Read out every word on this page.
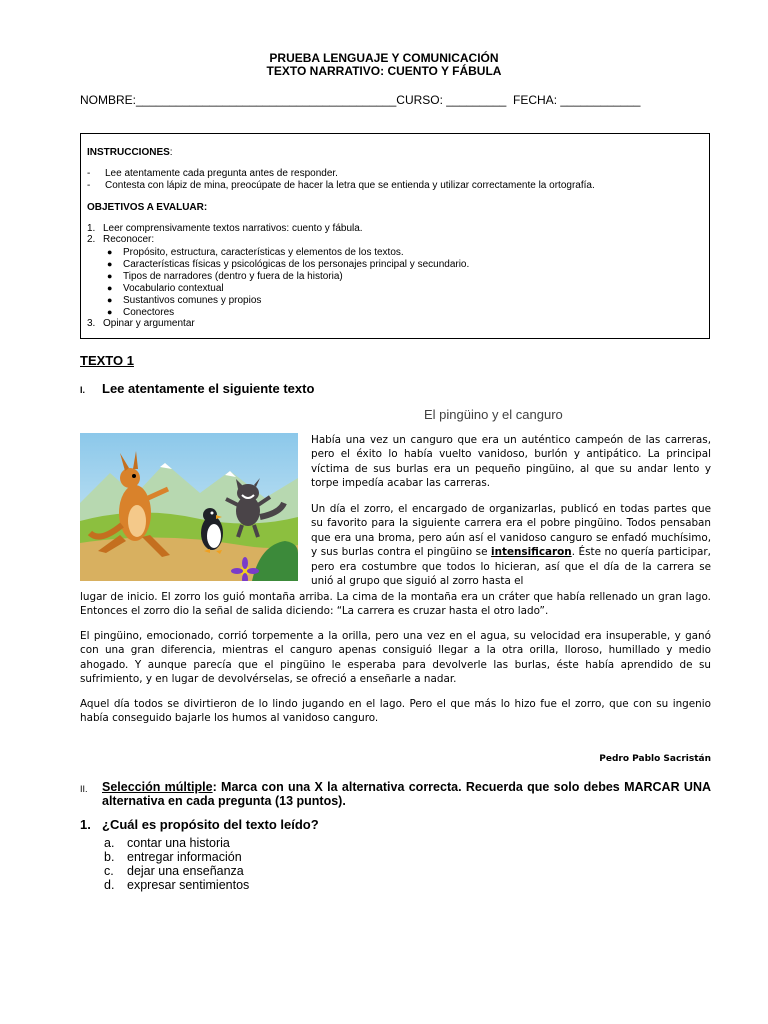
PRUEBA LENGUAJE Y COMUNICACIÓN
TEXTO NARRATIVO: CUENTO Y FÁBULA
NOMBRE:_______________________________________CURSO: _________  FECHA: ____________
INSTRUCCIONES:
- Lee atentamente cada pregunta antes de responder.
- Contesta con lápiz de mina, preocúpate de hacer la letra que se entienda y utilizar correctamente la ortografía.
OBJETIVOS A EVALUAR:
1. Leer comprensivamente textos narrativos: cuento y fábula.
2. Reconocer:
● Propósito, estructura, características y elementos de los textos.
● Características físicas y psicológicas de los personajes principal y secundario.
● Tipos de narradores (dentro y fuera de la historia)
● Vocabulario contextual
● Sustantivos comunes y propios
● Conectores
3. Opinar y argumentar
TEXTO 1
I. Lee atentamente el siguiente texto
El pingüino y el canguro

Había una vez un canguro que era un auténtico campeón de las carreras, pero el éxito lo había vuelto vanidoso, burlón y antipático. La principal víctima de sus burlas era un pequeño pingüino, al que su andar lento y torpe impedía acabar las carreras.

Un día el zorro, el encargado de organizarlas, publicó en todas partes que su favorito para la siguiente carrera era el pobre pingüino. Todos pensaban que era una broma, pero aún así el vanidoso canguro se enfadó muchísimo, y sus burlas contra el pingüino se intensificaron. Éste no quería participar, pero era costumbre que todos lo hicieran, así que el día de la carrera se unió al grupo que siguió al zorro hasta el

lugar de inicio. El zorro los guió montaña arriba. La cima de la montaña era un cráter que había rellenado un gran lago. Entonces el zorro dio la señal de salida diciendo: “La carrera es cruzar hasta el otro lado”.

El pingüino, emocionado, corrió torpemente a la orilla, pero una vez en el agua, su velocidad era insuperable, y ganó con una gran diferencia, mientras el canguro apenas consiguió llegar a la otra orilla, lloroso, humillado y medio ahogado. Y aunque parecía que el pingüino le esperaba para devolverle las burlas, éste había aprendido de su sufrimiento, y en lugar de devolvérselas, se ofreció a enseñarle a nadar.

Aquel día todos se divirtieron de lo lindo jugando en el lago. Pero el que más lo hizo fue el zorro, que con su ingenio había conseguido bajarle los humos al vanidoso canguro.

Pedro Pablo Sacristán
II. Selección múltiple: Marca con una X la alternativa correcta. Recuerda que solo debes MARCAR UNA alternativa en cada pregunta (13 puntos).
1. ¿Cuál es propósito del texto leído?
a. contar una historia
b. entregar información
c. dejar una enseñanza
d. expresar sentimientos
